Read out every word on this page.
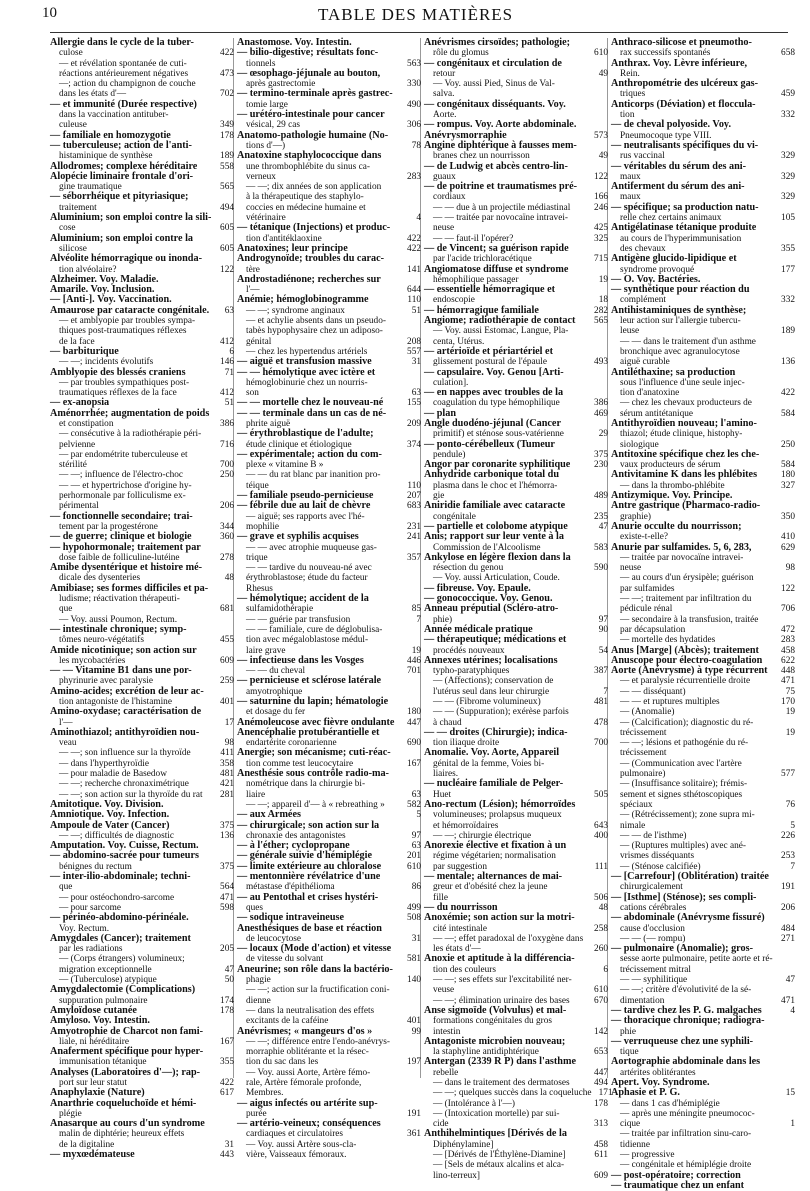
10	TABLE DES MATIÈRES
Allergie dans le cycle de la tuber-
culose	422
— et révélation spontanée de cuti-
réactions antérieurement négatives	473
—; action du champignon de couche
dans les états d'—	702
— et immunité (Durée respective)
dans la vaccination antituber-
culeuse	349
— familiale en homozygotie	178
— tuberculeuse; action de l'anti-
histaminique de synthèse	189
Allodromes; complexe héréditaire	558
Alopécie liminaire frontale d'ori-
gine traumatique	565
— séborrhéique et pityriasique;
traitement	494
Aluminium; son emploi contre la sili-
cose	605
Aluminium; son emploi contre la
silicose	605
Alvéolite hémorragique ou inonda-
tion alvéolaire?	122
Alzheimer. Voy. Maladie.
Amarile. Voy. Inclusion.
— [Anti-]. Voy. Vaccination.
Amaurose par cataracte congénitale.	63
— et amblyopie par troubles sympa-
thiques post-traumatiques réflexes
de la face	412
— barbiturique	6
— —; incidents évolutifs	146
Amblyopie des blessés craniens	71
— par troubles sympathiques post-
traumatiques réflexes de la face	412
— ex-anopsia	51
Aménorrhée; augmentation de poids
et constipation	386
— consécutive à la radiothérapie péri-
pelvienne	716
— par endométrite tuberculeuse et
stérilité	700
— —; influence de l'électro-choc	250
— — et hypertrichose d'origine hy-
perhormonale par folliculisme ex-
périmental	206
— fonctionnelle secondaire; trai-
tement par la progestérone	344
— de guerre; clinique et biologie	360
— hypohormonale; traitement par
dose faible de folliculine-lutéine	278
Amibe dysentérique et histoire mé-
dicale des dysenteries	48
Amibiase; ses formes difficiles et pa-
ludisme; réactivation thérapeuti-
que	681
— Voy. aussi Poumon, Rectum.
— intestinale chronique; symp-
tômes neuro-végétatifs	455
Amide nicotinique; son action sur
les mycobactéries	609
— — Vitamine B1 dans une por-
phyrinurie avec paralysie	259
Amino-acides; excrétion de leur ac-
tion antagoniste de l'histamine	401
Amino-oxydase; caractérisation de
l'—	17
Aminothiazol; antithyroïdien nou-
veau	98
— —; son influence sur la thyroïde	411
— dans l'hyperthyroïdie	358
— pour maladie de Basedow	481
— —; recherche chronaximétrique	421
— —; son action sur la thyroïde du rat	281
Amitotique. Voy. Division.
Amniotique. Voy. Infection.
Ampoule de Vater (Cancer)	375
— —; difficultés de diagnostic	136
Amputation. Voy. Cuisse, Rectum.
— abdomino-sacrée pour tumeurs
bénignes du rectum	375
— inter-ilio-abdominale; techni-
que	564
— pour ostéochondro-sarcome	471
— pour sarcome	598
— périnéo-abdomino-périnéale.
Voy. Rectum.
Amygdales (Cancer); traitement
par les radiations	205
— (Corps étrangers) volumineux;
migration exceptionnelle	47
— (Tuberculose) atypique	50
Amygdalectomie (Complications)
suppuration pulmonaire	174
Amyloïdose cutanée	178
Amyloso. Voy. Intestin.
Amyotrophie de Charcot non fami-
liale, ni héréditaire	167
Anaferment spécifique pour hyper-
immunisation tétanique	355
Analyses (Laboratoires d'—); rap-
port sur leur statut	422
Anaphylaxie (Nature)	617
Anarthrie coqueluchoïde et hémi-
plégie
Anasarque au cours d'un syndrome
malin de diphtérie; heureux effets
de la digitaline	31
— myxœdémateuse	443
Anastomose. Voy. Intestin.
— bilio-digestive; résultats fonc-
tionnels	563
— œsophago-jéjunale au bouton,
après gastrectomie	330
— termino-terminale après gastrec-
tomie large	490
— urétéro-intestinale pour cancer
vésical, 29 cas	306
Anatomo-pathologie humaine (No-
tions d'—)	78
Anatoxine staphylococcique dans
une thrombophlébite du sinus ca-
verneux	283
— —; dix années de son application
à la thérapeutique des staphylo-
coccies en médecine humaine et
vétérinaire	4
— tétanique (Injections) et produc-
tion d'antitéklaoxine	422
Anatoxines; leur principe	422
Androgynoïde; troubles du carac-
tère	141
Androstadiénone; recherches sur
l'—	644
Anémie; hémoglobinogramme	110
— —; syndrome anginaux	51
— et achylie absents dans un pseudo-
tabès hypophysaire chez un adiposo-
génital	208
— chez les hypertendus artériels	557
— aiguë et transfusion massive	31
— — hémolytique avec ictère et
hémoglobinurie chez un nourris-
son	63
— — mortelle chez le nouveau-né	155
— — terminale dans un cas de né-
phrite aiguë	209
— érythroblastique de l'adulte;
étude clinique et étiologique	374
— expérimentale; action du com-
plexe « vitamine B »
— — du rat blanc par inanition pro-
téique	110
— familiale pseudo-pernicieuse	207
— fébrile due au lait de chèvre	683
— aiguë; ses rapports avec l'hé-
mophilie	231
— grave et syphilis acquises	241
— — avec atrophie muqueuse gas-
trique	357
— — tardive du nouveau-né avec
érythroblastose; étude du facteur
Rhesus
— hémolytique; accident de la
sulfamidothérapie	85
— — guérie par transfusion	7
— — familiale, cure de déglobulisa-
tion avec mégaloblastose médul-
laire grave	19
— infectieuse dans les Vosges	446
— — du cheval	701
— pernicieuse et sclérose latérale
amyotrophique
— saturnine du lapin; hématologie
et dosage du fer	180
Anémoleucose avec fièvre ondulante	447
Anencéphalie protubérantielle et
endartérite coronarienne	690
Anergie; son mécanisme; cuti-réac-
tion comme test leucocytaire	167
Anesthésie sous contrôle radio-ma-
nométrique dans la chirurgie bi-
liaire	63
— —; appareil d'— à « rebreathing »	582
— aux Armées	5
— chirurgicale; son action sur la
chronaxie des antagonistes	97
— à l'éther; cyclopropane	63
— générale suivie d'hémiplégie	201
— limite extérieure au chloralose	610
— mentonnière révélatrice d'une
métastase d'épithélioma	86
— au Pentothal et crises hystéri-
ques	499
— sodique intraveineuse	508
Anesthésiques de base et réaction
de leucocytose	31
— locaux (Mode d'action) et vitesse
de vitesse du solvant	581
Aneurine; son rôle dans la bactério-
phagie	140
— —; action sur la fructification coni-
dienne
— dans la neutralisation des effets
excitants de la caféine	401
Anévrismes; « mangeurs d'os »	99
— —; différence entre l'endo-anévrys-
morraphie oblitérante et la résec-
tion du sac dans les	197
— Voy. aussi Aorte, Artère fémo-
rale, Artère fémorale profonde,
Membres.
— aigus infectés ou artérite sup-
purée	191
— artério-veineux; conséquences
cardiaques et circulatoires	361
— Voy. aussi Artère sous-cla-
vière, Vaisseaux fémoraux.
Anévrismes cirsoïdes; pathologie;
rôle du glomus	610
— congénitaux et circulation de
retour	49
— Voy. aussi Pied, Sinus de Val-
salva.
— congénitaux disséquants. Voy.
Aorte.
— rompus. Voy. Aorte abdominale.
Anévrysmorraphie	573
Angine diphtérique à fausses mem-
branes chez un nourrisson	49
— de Ludwig et abcès centro-lin-
guaux	122
— de poitrine et traumatismes pré-
cordiaux	166
— — due à un projectile médiastinal	246
— — traitée par novocaïne intravei-
neuse	425
— — faut-il l'opérer?	325
— de Vincent; sa guérison rapide
par l'acide trichloracétique	715
Angiomatose diffuse et syndrome
hémophilique passager	19
— essentielle hémorragique et
endoscopie	18
— hémorragique familiale	282
Angiome; radiothérapie de contact	565
— Voy. aussi Estomac, Langue, Pla-
centa, Utérus.
— artérioïde et périartériel et
glissement postural de l'épaule	493
— capsulaire. Voy. Genou [Arti-
culation].
— en nappes avec troubles de la
coagulation du type hémophilique	386
— plan	469
Angle duodéno-jéjunal (Cancer
primitif) et sténose sous-vatérienne	29
— ponto-cérébelleux (Tumeur
pendule)	375
Angor par coronarite syphilitique	230
Anhydride carbonique total du
plasma dans le choc et l'hémorra-
gie	489
Aniridie familiale avec cataracte
congénitale	235
— partielle et colobome atypique	47
Anis; rapport sur leur vente à la
Commission de l'Alcoolisme	583
Ankylose en légère flexion dans la
résection du genou	590
— Voy. aussi Articulation, Coude.
— fibreuse. Voy. Epaule.
— gonococcique. Voy. Genou.
Anneau préputial (Scléro-atro-
phie)	97
Année médicale pratique	90
— thérapeutique; médications et
procédés nouveaux	54
Annexes utérines; localisations
typho-paratyphiques	387
— (Affections); conservation de
l'utérus seul dans leur chirurgie	7
— — (Fibrome volumineux)	481
— — (Suppuration); exérèse parfois
à chaud	478
— — droites (Chirurgie); indica-
tion iliaque droite	700
Anomalie. Voy. Aorte, Appareil
génital de la femme, Voies bi-
liaires.
— nucléaire familiale de Pelger-
Huet	505
Ano-rectum (Lésion); hémorroïdes
volumineuses; prolapsus muqueux
et hémorroïdaires	643
— —; chirurgie électrique	400
Anorexie élective et fixation à un
régime végétarien; normalisation
par suggestion	111
— mentale; alternances de mai-
greur et d'obésité chez la jeune
fille	506
— du nourrisson	48
Anoxémie; son action sur la motri-
cité intestinale	258
— —; effet paradoxal de l'oxygène dans
les états d'—	260
Anoxie et aptitude à la différencia-
tion des couleurs	6
— —; ses effets sur l'excitabilité ner-
veuse	610
— —; élimination urinaire des bases	670
Anse sigmoïde (Volvulus) et mal-
formations congénitales du gros
intestin	142
Antagoniste microbien nouveau;
la staphyline antidiphtérique	653
Antergan (2339 R P) dans l'asthme
rebelle	447
— dans le traitement des dermatoses	494
— —; quelques succès dans la coqueluche 171
— (Intolérance à l'—)	178
— (Intoxication mortelle) par sui-
cide	313
Anthihelmintiques [Dérivés de la
Diphénylamine]	458
— [Dérivés de l'Éthylène-Diamine]	611
— [Sels de métaux alcalins et alca-
lino-terreux]	609
Anthraco-silicose et pneumotho-
rax successifs spontanés	658
Anthrax. Voy. Lèvre inférieure,
Rein.
Anthropométrie des ulcéreux gas-
triques	459
Anticorps (Déviation) et floccula-
tion	332
— de cheval polyoside. Voy.
Pneumocoque type VIII.
— neutralisants spécifiques du vi-
rus vaccinal	329
— véritables du sérum des ani-
maux	329
Antiferment du sérum des ani-
maux	329
— spécifique; sa production natu-
relle chez certains animaux	105
Antigélatinase tétanique produite
au cours de l'hyperimmunisation
des chevaux	355
Antigène glucido-lipidique et
syndrome provoqué	177
— O. Voy. Bactéries.
— synthétique pour réaction du
complément	332
Antihistaminiques de synthèse;
leur action sur l'allergie tubercu-
leuse	189
— — dans le traitement d'un asthme
bronchique avec agranulocytose
aiguë curable	136
Antiléthaxine; sa production
sous l'influence d'une seule injec-
tion d'anatoxine	422
— chez les chevaux producteurs de
sérum antitétanique	584
Antithyroïdien nouveau; l'amino-
thiazol; étude clinique, histophy-
siologique	250
Antitoxine spécifique chez les che-
vaux producteurs de sérum	584
Antivitamine K dans les phlébites	180
— dans la thrombo-phlébite	327
Antizymique. Voy. Principe.
Antre gastrique (Pharmaco-radio-
graphie)	350
Anurie occulte du nourrisson;
existe-t-elle?	410
Anurie par sulfamides. 5, 6, 283,	629
— traitée par novocaïne intravei-
neuse	98
— au cours d'un érysipèle; guérison
par sulfamides	122
— —; traitement par infiltration du
pédicule rénal	706
— secondaire à la transfusion, traitée
par décapsulation	472
— mortelle des hydatides	283
Anus [Marge] (Abcès); traitement	458
Anuscope pour électro-coagulation	622
Aorte (Anévrysme) à type récurrent	448
— et paralysie récurrentielle droite	471
— — disséquant)	75
— — et ruptures multiples	170
— (Anomalie)	19
— (Calcification); diagnostic du ré-
trécissement	19
— —; lésions et pathogénie du ré-
trécissement
— (Communication avec l'artère
pulmonaire)	577
— (Insuffisance solitaire); frémis-
sement et signes sthétoscopiques
spéciaux	76
— (Rétrécissement); zone supra mi-
nimale	5
— — de l'isthme)	226
— (Ruptures multiples) avec ané-
vrismes disséquants	253
— (Sténose calcifiée)	7
— [Carrefour] (Oblitération) traitée
chirurgicalement	191
— [Isthme] (Sténose); ses compli-
cations cérébrales	206
— abdominale (Anévrysme fissuré)
cause d'occlusion	484
— — (— rompu)	271
— pulmonaire (Anomalie); gros-
sesse aorte pulmonaire, petite aorte et ré-
trécissement mitral
— — syphilitique	47
— —; critère d'évolutivité de la sé-
dimentation	471
— tardive chez les P. G. malgaches	4
— thoracique chronique; radiogra-
phie
— verruqueuse chez une syphili-
tique
Aortographie abdominale dans les
artérites oblitérantes
Apert. Voy. Syndrome.
Aphasie et P. G.	15
— dans 1 cas d'hémiplégie
— après une méningite pneumococ-
cique	1
— traitée par infiltration sinu-caro-
tidienne
— progressive
— congénitale et hémiplégie droite
— post-opératoire; correction
— traumatique chez un enfant
